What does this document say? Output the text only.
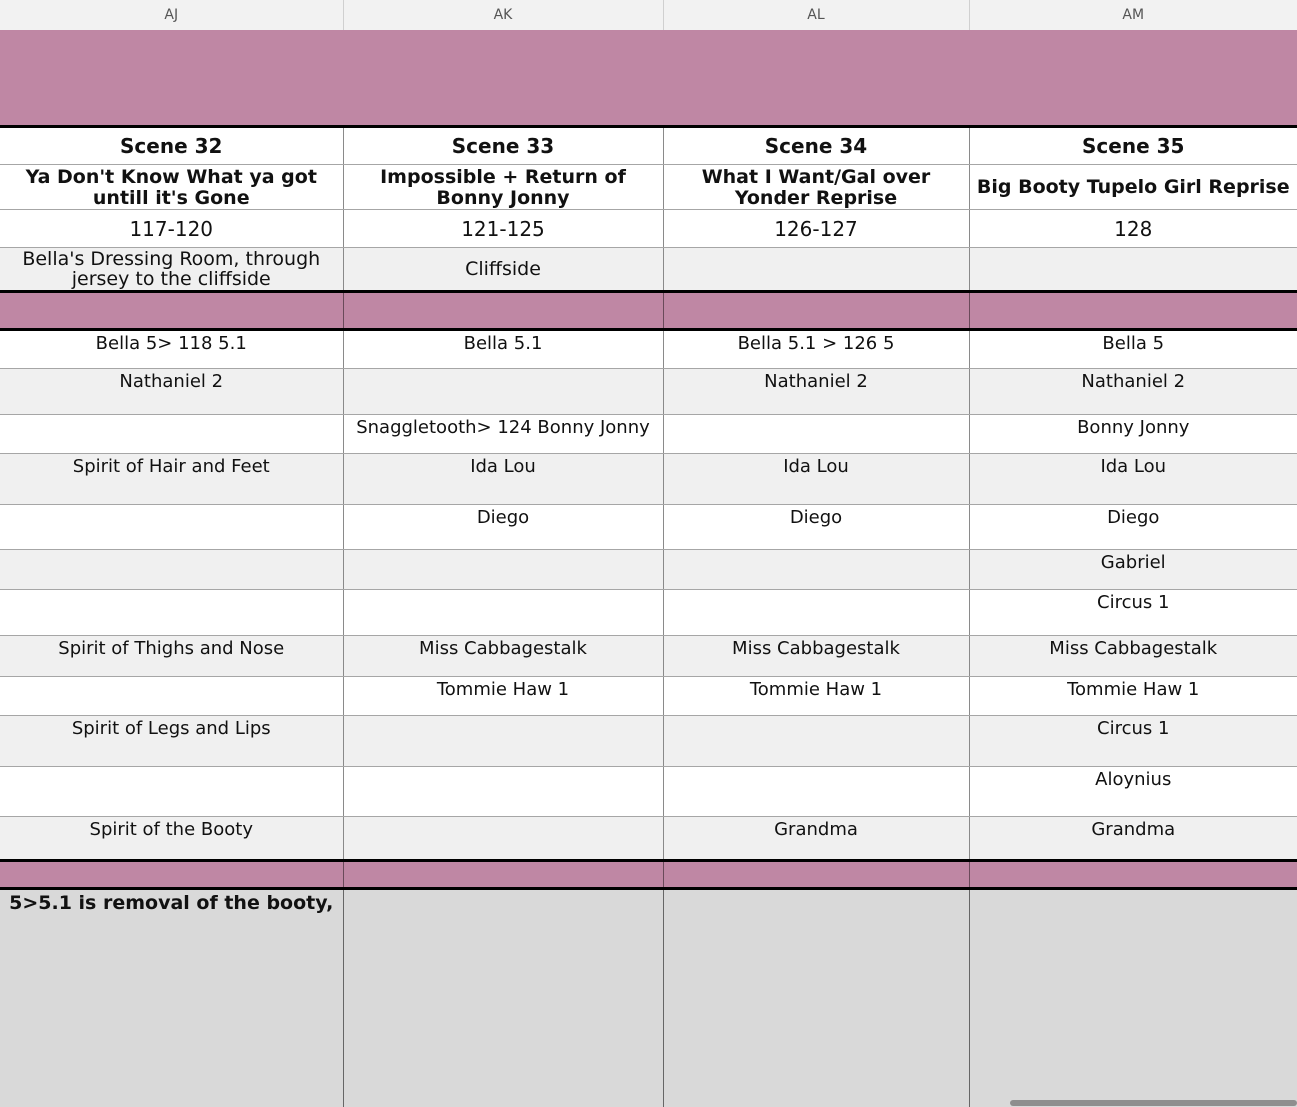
AJ	AK	AL	AM

Scene 32	Scene 33	Scene 34	Scene 35
Ya Don't Know What ya got untill it's Gone	Impossible + Return of Bonny Jonny	What I Want/Gal over Yonder Reprise	Big Booty Tupelo Girl Reprise
117-120	121-125	126-127	128
Bella's Dressing Room, through jersey to the cliffside	Cliffside		

Bella 5> 118 5.1	Bella 5.1	Bella 5.1 > 126 5	Bella 5
Nathaniel 2		Nathaniel 2	Nathaniel 2
	Snaggletooth> 124 Bonny Jonny		Bonny Jonny
Spirit of Hair and Feet	Ida Lou	Ida Lou	Ida Lou
	Diego	Diego	Diego
			Gabriel
			Circus 1
Spirit of Thighs and Nose	Miss Cabbagestalk	Miss Cabbagestalk	Miss Cabbagestalk
	Tommie Haw 1	Tommie Haw 1	Tommie Haw 1
Spirit of Legs and Lips			Circus 1
			Aloynius
Spirit of the Booty		Grandma	Grandma

5>5.1 is removal of the booty,			
